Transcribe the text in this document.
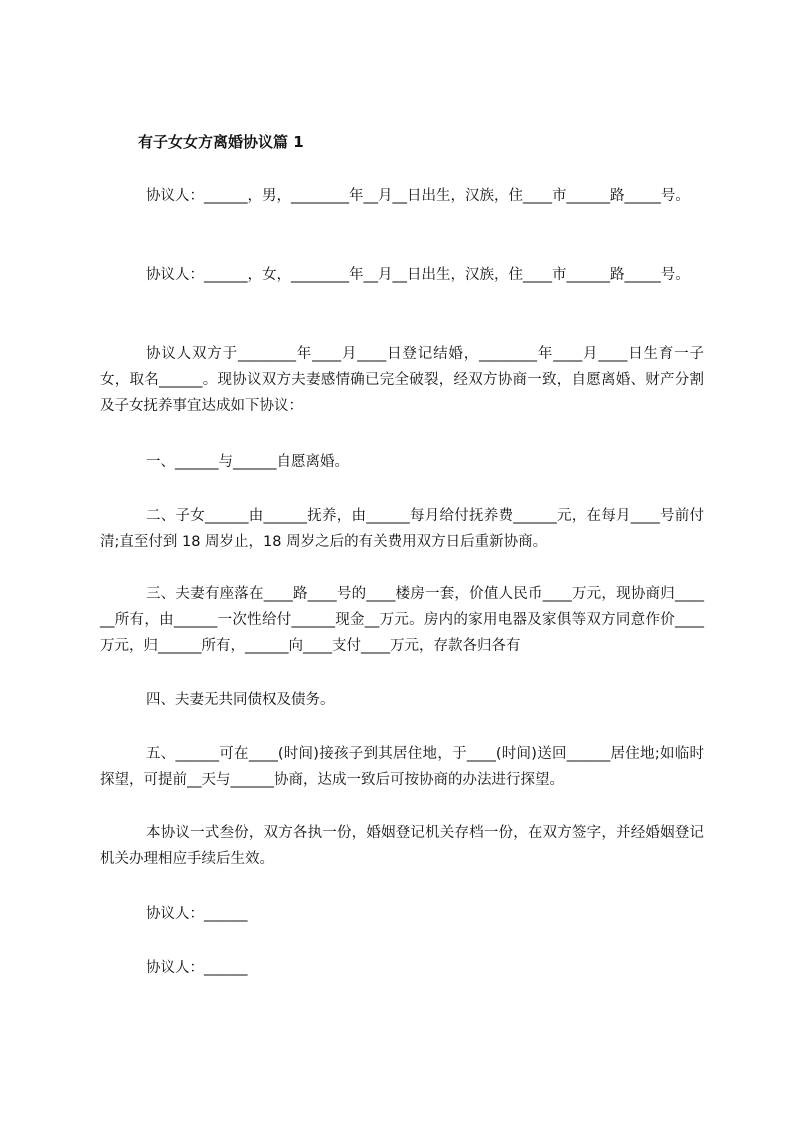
有子女女方离婚协议篇 1
协议人：______，男，________年__月__日出生，汉族，住____市______路_____号。
协议人：______，女，________年__月__日出生，汉族，住____市______路_____号。
协议人双方于________年____月____日登记结婚，________年____月____日生育一子女，取名______。现协议双方夫妻感情确已完全破裂，经双方协商一致，自愿离婚、财产分割及子女抚养事宜达成如下协议：
一、______与______自愿离婚。
二、子女______由______抚养，由______每月给付抚养费______元，在每月____号前付清;直至付到 18 周岁止，18 周岁之后的有关费用双方日后重新协商。
三、夫妻有座落在____路____号的____楼房一套，价值人民币____万元，现协商归______所有，由______一次性给付______现金__万元。房内的家用电器及家俱等双方同意作价____万元，归______所有，______向____支付____万元，存款各归各有
四、夫妻无共同债权及债务。
五、______可在____(时间)接孩子到其居住地，于____(时间)送回______居住地;如临时探望，可提前__天与______协商，达成一致后可按协商的办法进行探望。
本协议一式叁份，双方各执一份，婚姻登记机关存档一份，在双方签字，并经婚姻登记机关办理相应手续后生效。
协议人：______
协议人：______
